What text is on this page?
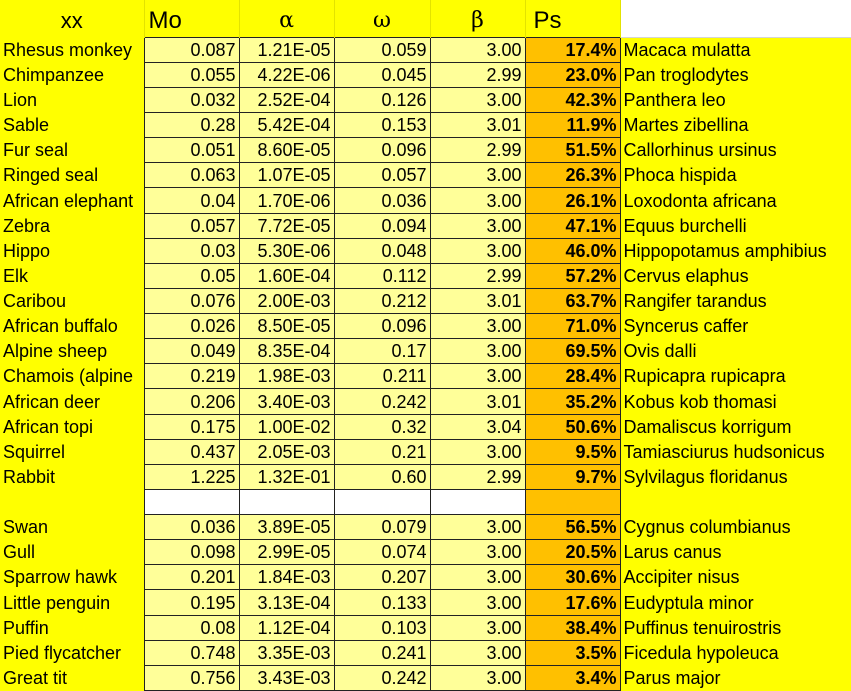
xx	Mo	α	ω	β	Ps	
Rhesus monkey	0.087	1.21E-05	0.059	3.00	17.4%	Macaca mulatta
Chimpanzee	0.055	4.22E-06	0.045	2.99	23.0%	Pan troglodytes
Lion	0.032	2.52E-04	0.126	3.00	42.3%	Panthera leo
Sable	0.28	5.42E-04	0.153	3.01	11.9%	Martes zibellina
Fur seal	0.051	8.60E-05	0.096	2.99	51.5%	Callorhinus ursinus
Ringed seal	0.063	1.07E-05	0.057	3.00	26.3%	Phoca hispida
African elephant	0.04	1.70E-06	0.036	3.00	26.1%	Loxodonta africana
Zebra	0.057	7.72E-05	0.094	3.00	47.1%	Equus burchelli
Hippo	0.03	5.30E-06	0.048	3.00	46.0%	Hippopotamus amphibius
Elk	0.05	1.60E-04	0.112	2.99	57.2%	Cervus elaphus
Caribou	0.076	2.00E-03	0.212	3.01	63.7%	Rangifer tarandus
African buffalo	0.026	8.50E-05	0.096	3.00	71.0%	Syncerus caffer
Alpine sheep	0.049	8.35E-04	0.17	3.00	69.5%	Ovis dalli
Chamois (alpine	0.219	1.98E-03	0.211	3.00	28.4%	Rupicapra rupicapra
African deer	0.206	3.40E-03	0.242	3.01	35.2%	Kobus kob thomasi
African topi	0.175	1.00E-02	0.32	3.04	50.6%	Damaliscus korrigum
Squirrel	0.437	2.05E-03	0.21	3.00	9.5%	Tamiasciurus hudsonicus
Rabbit	1.225	1.32E-01	0.60	2.99	9.7%	Sylvilagus floridanus

Swan	0.036	3.89E-05	0.079	3.00	56.5%	Cygnus columbianus
Gull	0.098	2.99E-05	0.074	3.00	20.5%	Larus canus
Sparrow hawk	0.201	1.84E-03	0.207	3.00	30.6%	Accipiter nisus
Little penguin	0.195	3.13E-04	0.133	3.00	17.6%	Eudyptula minor
Puffin	0.08	1.12E-04	0.103	3.00	38.4%	Puffinus tenuirostris
Pied flycatcher	0.748	3.35E-03	0.241	3.00	3.5%	Ficedula hypoleuca
Great tit	0.756	3.43E-03	0.242	3.00	3.4%	Parus major
